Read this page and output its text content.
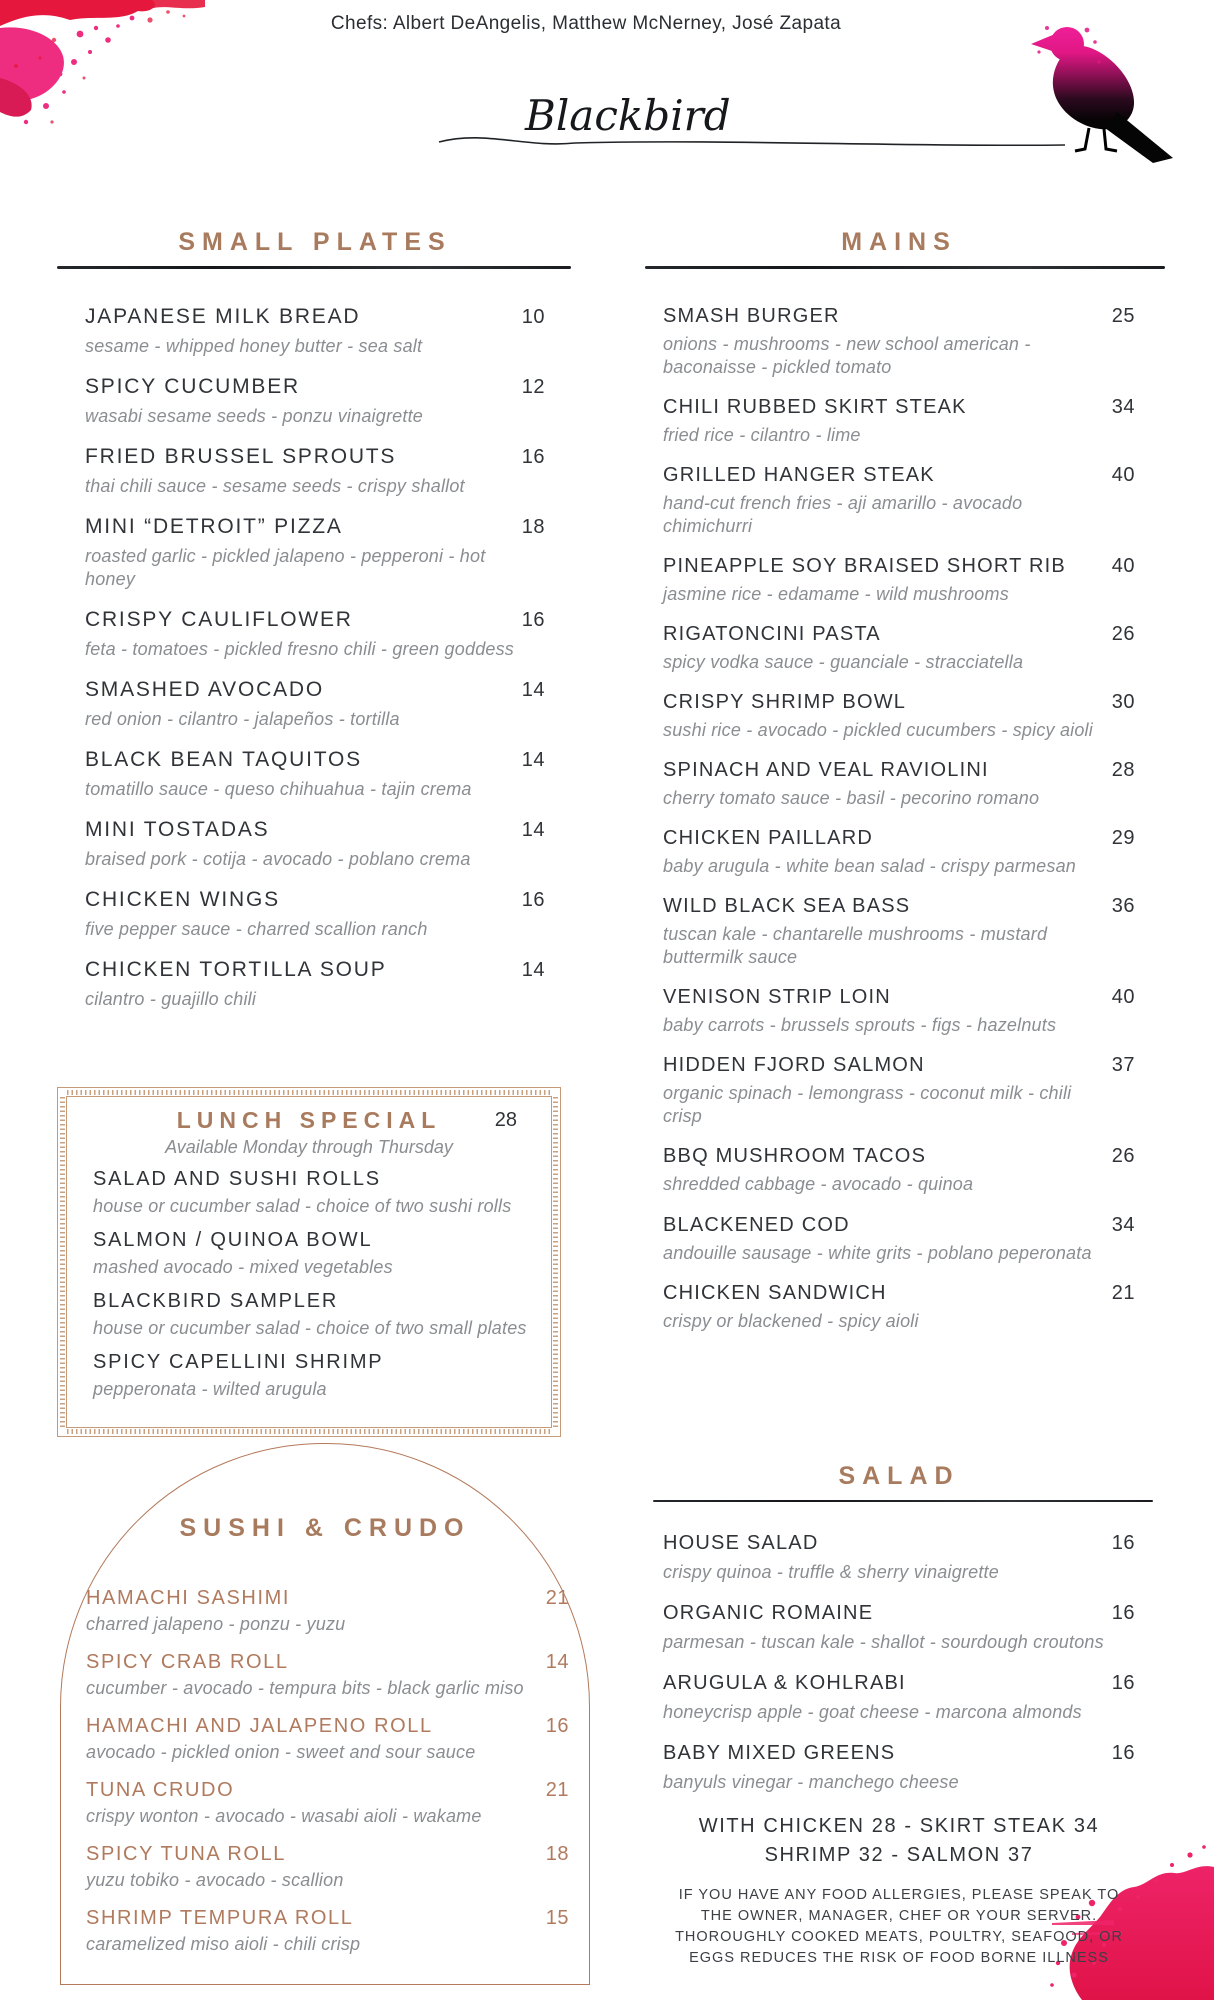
Chefs: Albert DeAngelis, Matthew McNerney, José Zapata
Blackbird
SMALL PLATES
JAPANESE MILK BREAD	10
sesame - whipped honey butter - sea salt
SPICY CUCUMBER	12
wasabi sesame seeds - ponzu vinaigrette
FRIED BRUSSEL SPROUTS	16
thai chili sauce - sesame seeds - crispy shallot
MINI “DETROIT” PIZZA	18
roasted garlic - pickled jalapeno - pepperoni - hot honey
CRISPY CAULIFLOWER	16
feta - tomatoes - pickled fresno chili - green goddess
SMASHED AVOCADO	14
red onion - cilantro - jalapeños - tortilla
BLACK BEAN TAQUITOS	14
tomatillo sauce - queso chihuahua - tajin crema
MINI TOSTADAS	14
braised pork - cotija - avocado - poblano crema
CHICKEN WINGS	16
five pepper sauce - charred scallion ranch
CHICKEN TORTILLA SOUP	14
cilantro - guajillo chili
LUNCH SPECIAL	28
Available Monday through Thursday
SALAD AND SUSHI ROLLS
house or cucumber salad - choice of two sushi rolls
SALMON / QUINOA BOWL
mashed avocado - mixed vegetables
BLACKBIRD SAMPLER
house or cucumber salad - choice of two small plates
SPICY CAPELLINI SHRIMP
pepperonata - wilted arugula
SUSHI & CRUDO
HAMACHI SASHIMI	21
charred jalapeno - ponzu - yuzu
SPICY CRAB ROLL	14
cucumber - avocado - tempura bits - black garlic miso
HAMACHI AND JALAPENO ROLL	16
avocado - pickled onion - sweet and sour sauce
TUNA CRUDO	21
crispy wonton - avocado - wasabi aioli - wakame
SPICY TUNA ROLL	18
yuzu tobiko - avocado - scallion
SHRIMP TEMPURA ROLL	15
caramelized miso aioli - chili crisp
MAINS
SMASH BURGER	25
onions - mushrooms - new school american - baconaisse - pickled tomato
CHILI RUBBED SKIRT STEAK	34
fried rice - cilantro - lime
GRILLED HANGER STEAK	40
hand-cut french fries - aji amarillo - avocado chimichurri
PINEAPPLE SOY BRAISED SHORT RIB	40
jasmine rice - edamame - wild mushrooms
RIGATONCINI PASTA	26
spicy vodka sauce - guanciale - stracciatella
CRISPY SHRIMP BOWL	30
sushi rice - avocado - pickled cucumbers - spicy aioli
SPINACH AND VEAL RAVIOLINI	28
cherry tomato sauce - basil - pecorino romano
CHICKEN PAILLARD	29
baby arugula - white bean salad - crispy parmesan
WILD BLACK SEA BASS	36
tuscan kale - chantarelle mushrooms - mustard buttermilk sauce
VENISON STRIP LOIN	40
baby carrots - brussels sprouts - figs - hazelnuts
HIDDEN FJORD SALMON	37
organic spinach - lemongrass - coconut milk - chili crisp
BBQ MUSHROOM TACOS	26
shredded cabbage - avocado - quinoa
BLACKENED COD	34
andouille sausage - white grits - poblano peperonata
CHICKEN SANDWICH	21
crispy or blackened - spicy aioli
SALAD
HOUSE SALAD	16
crispy quinoa - truffle & sherry vinaigrette
ORGANIC ROMAINE	16
parmesan - tuscan kale - shallot - sourdough croutons
ARUGULA & KOHLRABI	16
honeycrisp apple - goat cheese - marcona almonds
BABY MIXED GREENS	16
banyuls vinegar - manchego cheese
WITH CHICKEN 28 - SKIRT STEAK 34
SHRIMP 32 - SALMON 37
IF YOU HAVE ANY FOOD ALLERGIES, PLEASE SPEAK TO THE OWNER, MANAGER, CHEF OR YOUR SERVER. THOROUGHLY COOKED MEATS, POULTRY, SEAFOOD, OR EGGS REDUCES THE RISK OF FOOD BORNE ILLNESS
